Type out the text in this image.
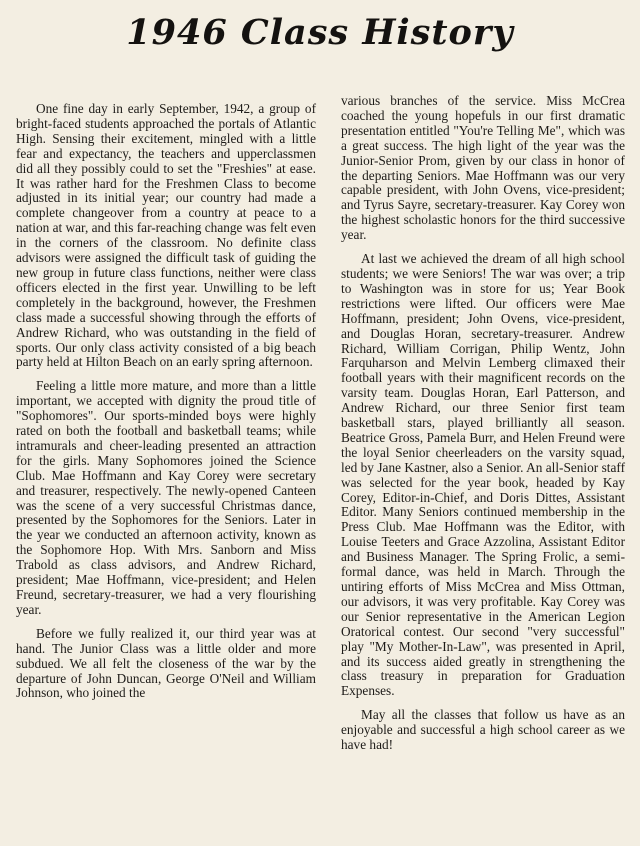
1946 Class History

One fine day in early September, 1942, a group of bright-faced students approached the portals of Atlantic High. Sensing their excitement, mingled with a little fear and expectancy, the teachers and upperclassmen did all they possibly could to set the "Freshies" at ease. It was rather hard for the Freshmen Class to become adjusted in its initial year; our country had made a complete changeover from a country at peace to a nation at war, and this far-reaching change was felt even in the corners of the classroom. No definite class advisors were assigned the difficult task of guiding the new group in future class functions, neither were class officers elected in the first year. Unwilling to be left completely in the background, however, the Freshmen class made a successful showing through the efforts of Andrew Richard, who was outstanding in the field of sports. Our only class activity consisted of a big beach party held at Hilton Beach on an early spring afternoon.

Feeling a little more mature, and more than a little important, we accepted with dignity the proud title of "Sophomores". Our sports-minded boys were highly rated on both the football and basketball teams; while intramurals and cheer-leading presented an attraction for the girls. Many Sophomores joined the Science Club. Mae Hoffmann and Kay Corey were secretary and treasurer, respectively. The newly-opened Canteen was the scene of a very successful Christmas dance, presented by the Sophomores for the Seniors. Later in the year we conducted an afternoon activity, known as the Sophomore Hop. With Mrs. Sanborn and Miss Trabold as class advisors, and Andrew Richard, president; Mae Hoffmann, vice-president; and Helen Freund, secretary-treasurer, we had a very flourishing year.

Before we fully realized it, our third year was at hand. The Junior Class was a little older and more subdued. We all felt the closeness of the war by the departure of John Duncan, George O'Neil and William Johnson, who joined the

various branches of the service. Miss McCrea coached the young hopefuls in our first dramatic presentation entitled "You're Telling Me", which was a great success. The high light of the year was the Junior-Senior Prom, given by our class in honor of the departing Seniors. Mae Hoffmann was our very capable president, with John Ovens, vice-president; and Tyrus Sayre, secretary-treasurer. Kay Corey won the highest scholastic honors for the third successive year.

At last we achieved the dream of all high school students; we were Seniors! The war was over; a trip to Washington was in store for us; Year Book restrictions were lifted. Our officers were Mae Hoffmann, president; John Ovens, vice-president, and Douglas Horan, secretary-treasurer. Andrew Richard, William Corrigan, Philip Wentz, John Farquharson and Melvin Lemberg climaxed their football years with their magnificent records on the varsity team. Douglas Horan, Earl Patterson, and Andrew Richard, our three Senior first team basketball stars, played brilliantly all season. Beatrice Gross, Pamela Burr, and Helen Freund were the loyal Senior cheerleaders on the varsity squad, led by Jane Kastner, also a Senior. An all-Senior staff was selected for the year book, headed by Kay Corey, Editor-in-Chief, and Doris Dittes, Assistant Editor. Many Seniors continued membership in the Press Club. Mae Hoffmann was the Editor, with Louise Teeters and Grace Azzolina, Assistant Editor and Business Manager. The Spring Frolic, a semi-formal dance, was held in March. Through the untiring efforts of Miss McCrea and Miss Ottman, our advisors, it was very profitable. Kay Corey was our Senior representative in the American Legion Oratorical contest. Our second "very successful" play "My Mother-In-Law", was presented in April, and its success aided greatly in strengthening the class treasury in preparation for Graduation Expenses.

May all the classes that follow us have as an enjoyable and successful a high school career as we have had!
